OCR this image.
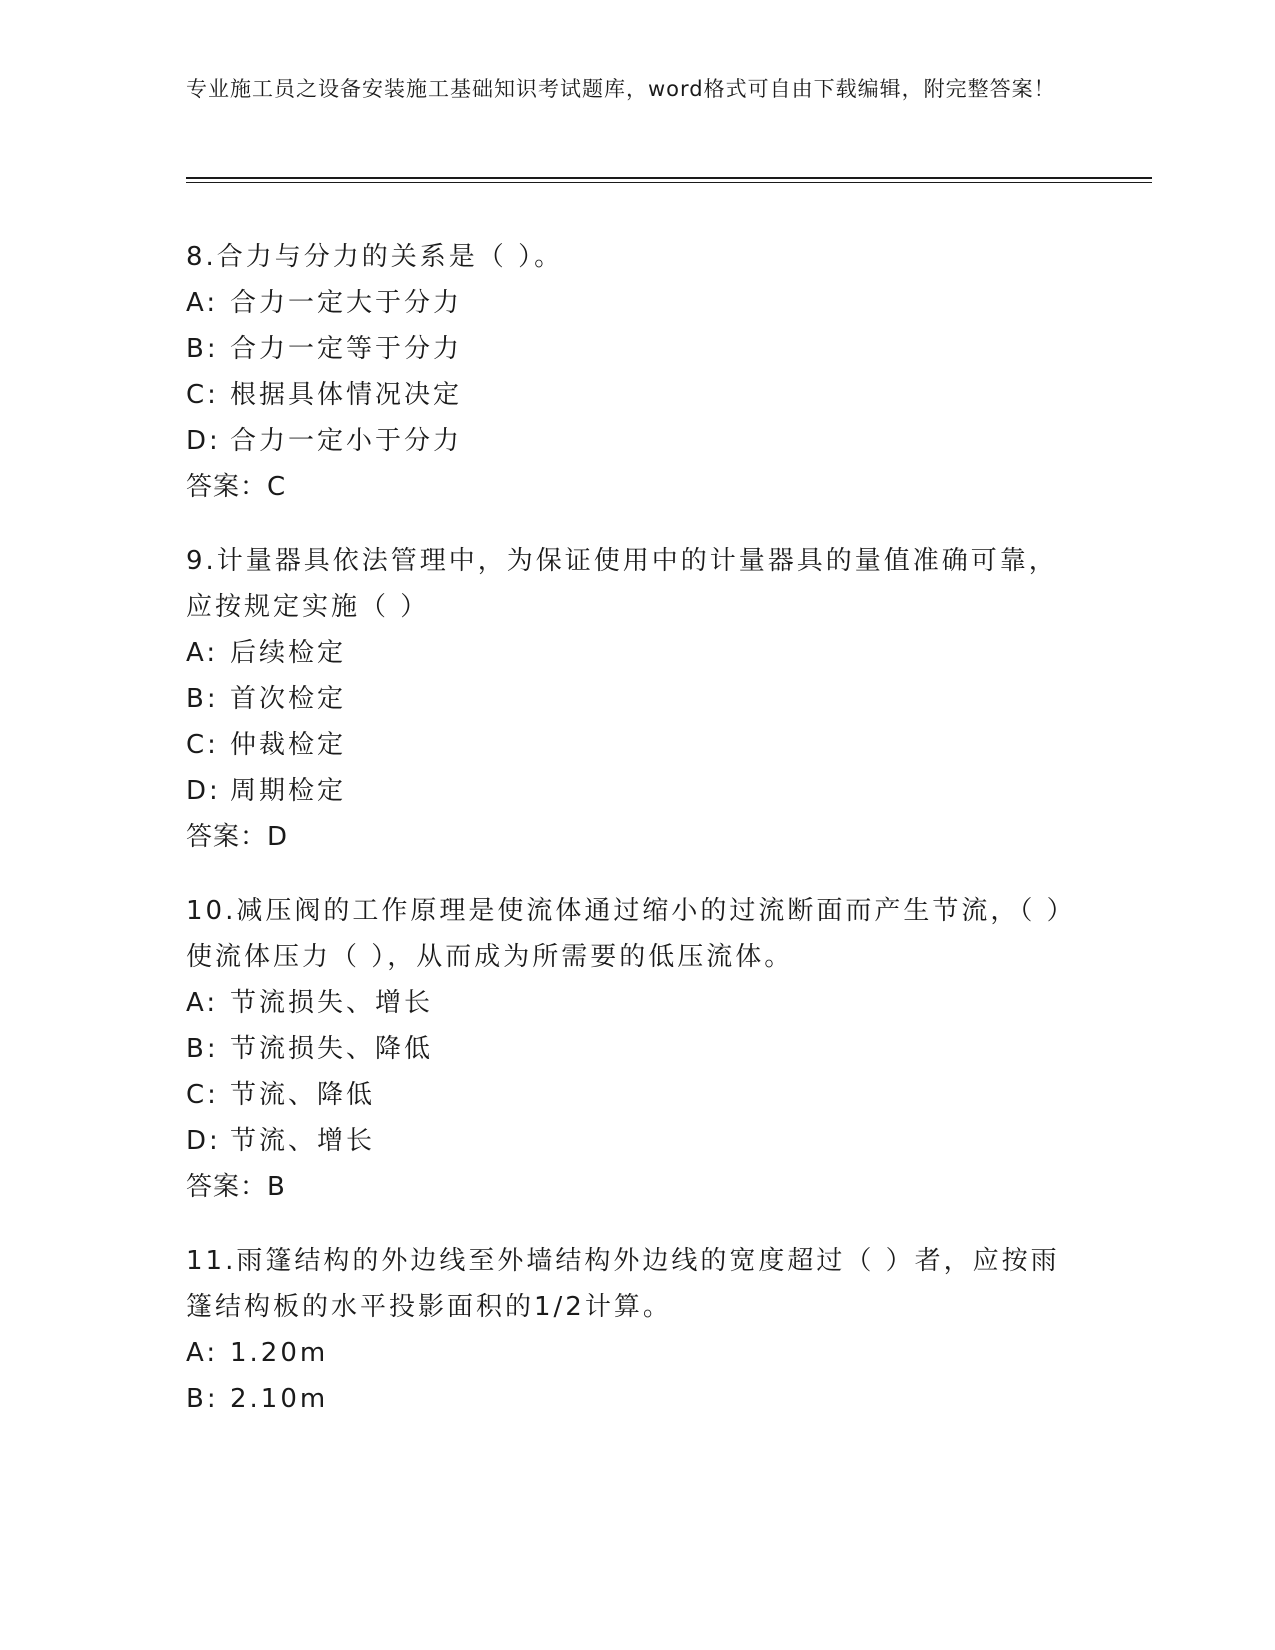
专业施工员之设备安装施工基础知识考试题库，word格式可自由下载编辑，附完整答案！

8.合力与分力的关系是（ ）。

A: 合力一定大于分力

B: 合力一定等于分力

C: 根据具体情况决定

D: 合力一定小于分力

答案：C

9.计量器具依法管理中，为保证使用中的计量器具的量值准确可靠，应按规定实施（ ）

A: 后续检定

B: 首次检定

C: 仲裁检定

D: 周期检定

答案：D

10.减压阀的工作原理是使流体通过缩小的过流断面而产生节流，（ ）使流体压力（ ），从而成为所需要的低压流体。

A: 节流损失、增长

B: 节流损失、降低

C: 节流、降低

D: 节流、增长

答案：B

11.雨篷结构的外边线至外墙结构外边线的宽度超过（ ）者，应按雨篷结构板的水平投影面积的1/2计算。

A: 1.20m

B: 2.10m
